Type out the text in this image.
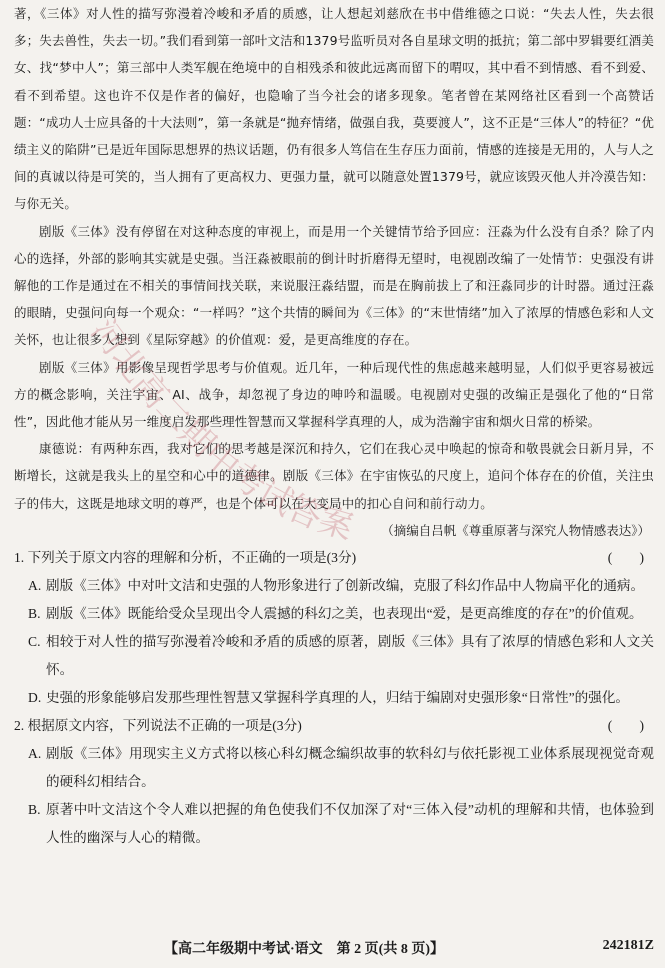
著，《三体》对人性的描写弥漫着冷峻和矛盾的质感，让人想起刘慈欣在书中借维德之口说：“失去人性，失去很多；失去兽性，失去一切。”我们看到第一部叶文洁和1379号监听员对各自星球文明的抵抗；第二部中罗辑要红酒美女、找“梦中人”；第三部中人类军舰在绝境中的自相残杀和彼此远离而留下的喟叹，其中看不到情感、看不到爱、看不到希望。这也许不仅是作者的偏好，也隐喻了当今社会的诸多现象。笔者曾在某网络社区看到一个高赞话题：“成功人士应具备的十大法则”，第一条就是“抛弃情绪，做强自我，莫要渡人”，这不正是“三体人”的特征？“优绩主义的陷阱”已是近年国际思想界的热议话题，仍有很多人笃信在生存压力面前，情感的连接是无用的，人与人之间的真诚以待是可笑的，当人拥有了更高权力、更强力量，就可以随意处置1379号，就应该毁灭他人并冷漠告知：与你无关。

剧版《三体》没有停留在对这种态度的审视上，而是用一个关键情节给予回应：汪淼为什么没有自杀？除了内心的选择，外部的影响其实就是史强。当汪淼被眼前的倒计时折磨得无望时，电视剧改编了一处情节：史强没有讲解他的工作是通过在不相关的事情间找关联，来说服汪淼结盟，而是在胸前拔上了和汪淼同步的计时器。通过汪淼的眼睛，史强问向每一个观众：“一样吗？”这个共情的瞬间为《三体》的“末世情绪”加入了浓厚的情感色彩和人文关怀，也让很多人想到《星际穿越》的价值观：爱，是更高维度的存在。

剧版《三体》用影像呈现哲学思考与价值观。近几年，一种后现代性的焦虑越来越明显，人们似乎更容易被远方的概念影响，关注宇宙、AI、战争，却忽视了身边的呻吟和温暖。电视剧对史强的改编正是强化了他的“日常性”，因此他才能从另一维度启发那些理性智慧而又掌握科学真理的人，成为浩瀚宇宙和烟火日常的桥梁。

康德说：有两种东西，我对它们的思考越是深沉和持久，它们在我心灵中唤起的惊奇和敬畏就会日新月异，不断增长，这就是我头上的星空和心中的道德律。剧版《三体》在宇宙恢弘的尺度上，追问个体存在的价值，关注虫子的伟大，这既是地球文明的尊严，也是个体可以在大变局中的扣心自问和前行动力。

（摘编自吕帆《尊重原著与深究人物情感表达》）
1. 下列关于原文内容的理解和分析，不正确的一项是(3分)	(　　)
A. 剧版《三体》中对叶文洁和史强的人物形象进行了创新改编，克服了科幻作品中人物扁平化的通病。
B. 剧版《三体》既能给受众呈现出令人震撼的科幻之美，也表现出“爱，是更高维度的存在”的价值观。
C. 相较于对人性的描写弥漫着冷峻和矛盾的质感的原著，剧版《三体》具有了浓厚的情感色彩和人文关怀。
D. 史强的形象能够启发那些理性智慧又掌握科学真理的人，归结于编剧对史强形象“日常性”的强化。
2. 根据原文内容，下列说法不正确的一项是(3分)	(　　)
A. 剧版《三体》用现实主义方式将以核心科幻概念编织故事的软科幻与依托影视工业体系展现视觉奇观的硬科幻相结合。
B. 原著中叶文洁这个令人难以把握的角色使我们不仅加深了对“三体入侵”动机的理解和共情，也体验到人性的幽深与人心的精微。
【高二年级期中考试·语文　第 2 页(共 8 页)】	242181Z
河北高二期中考试答案
